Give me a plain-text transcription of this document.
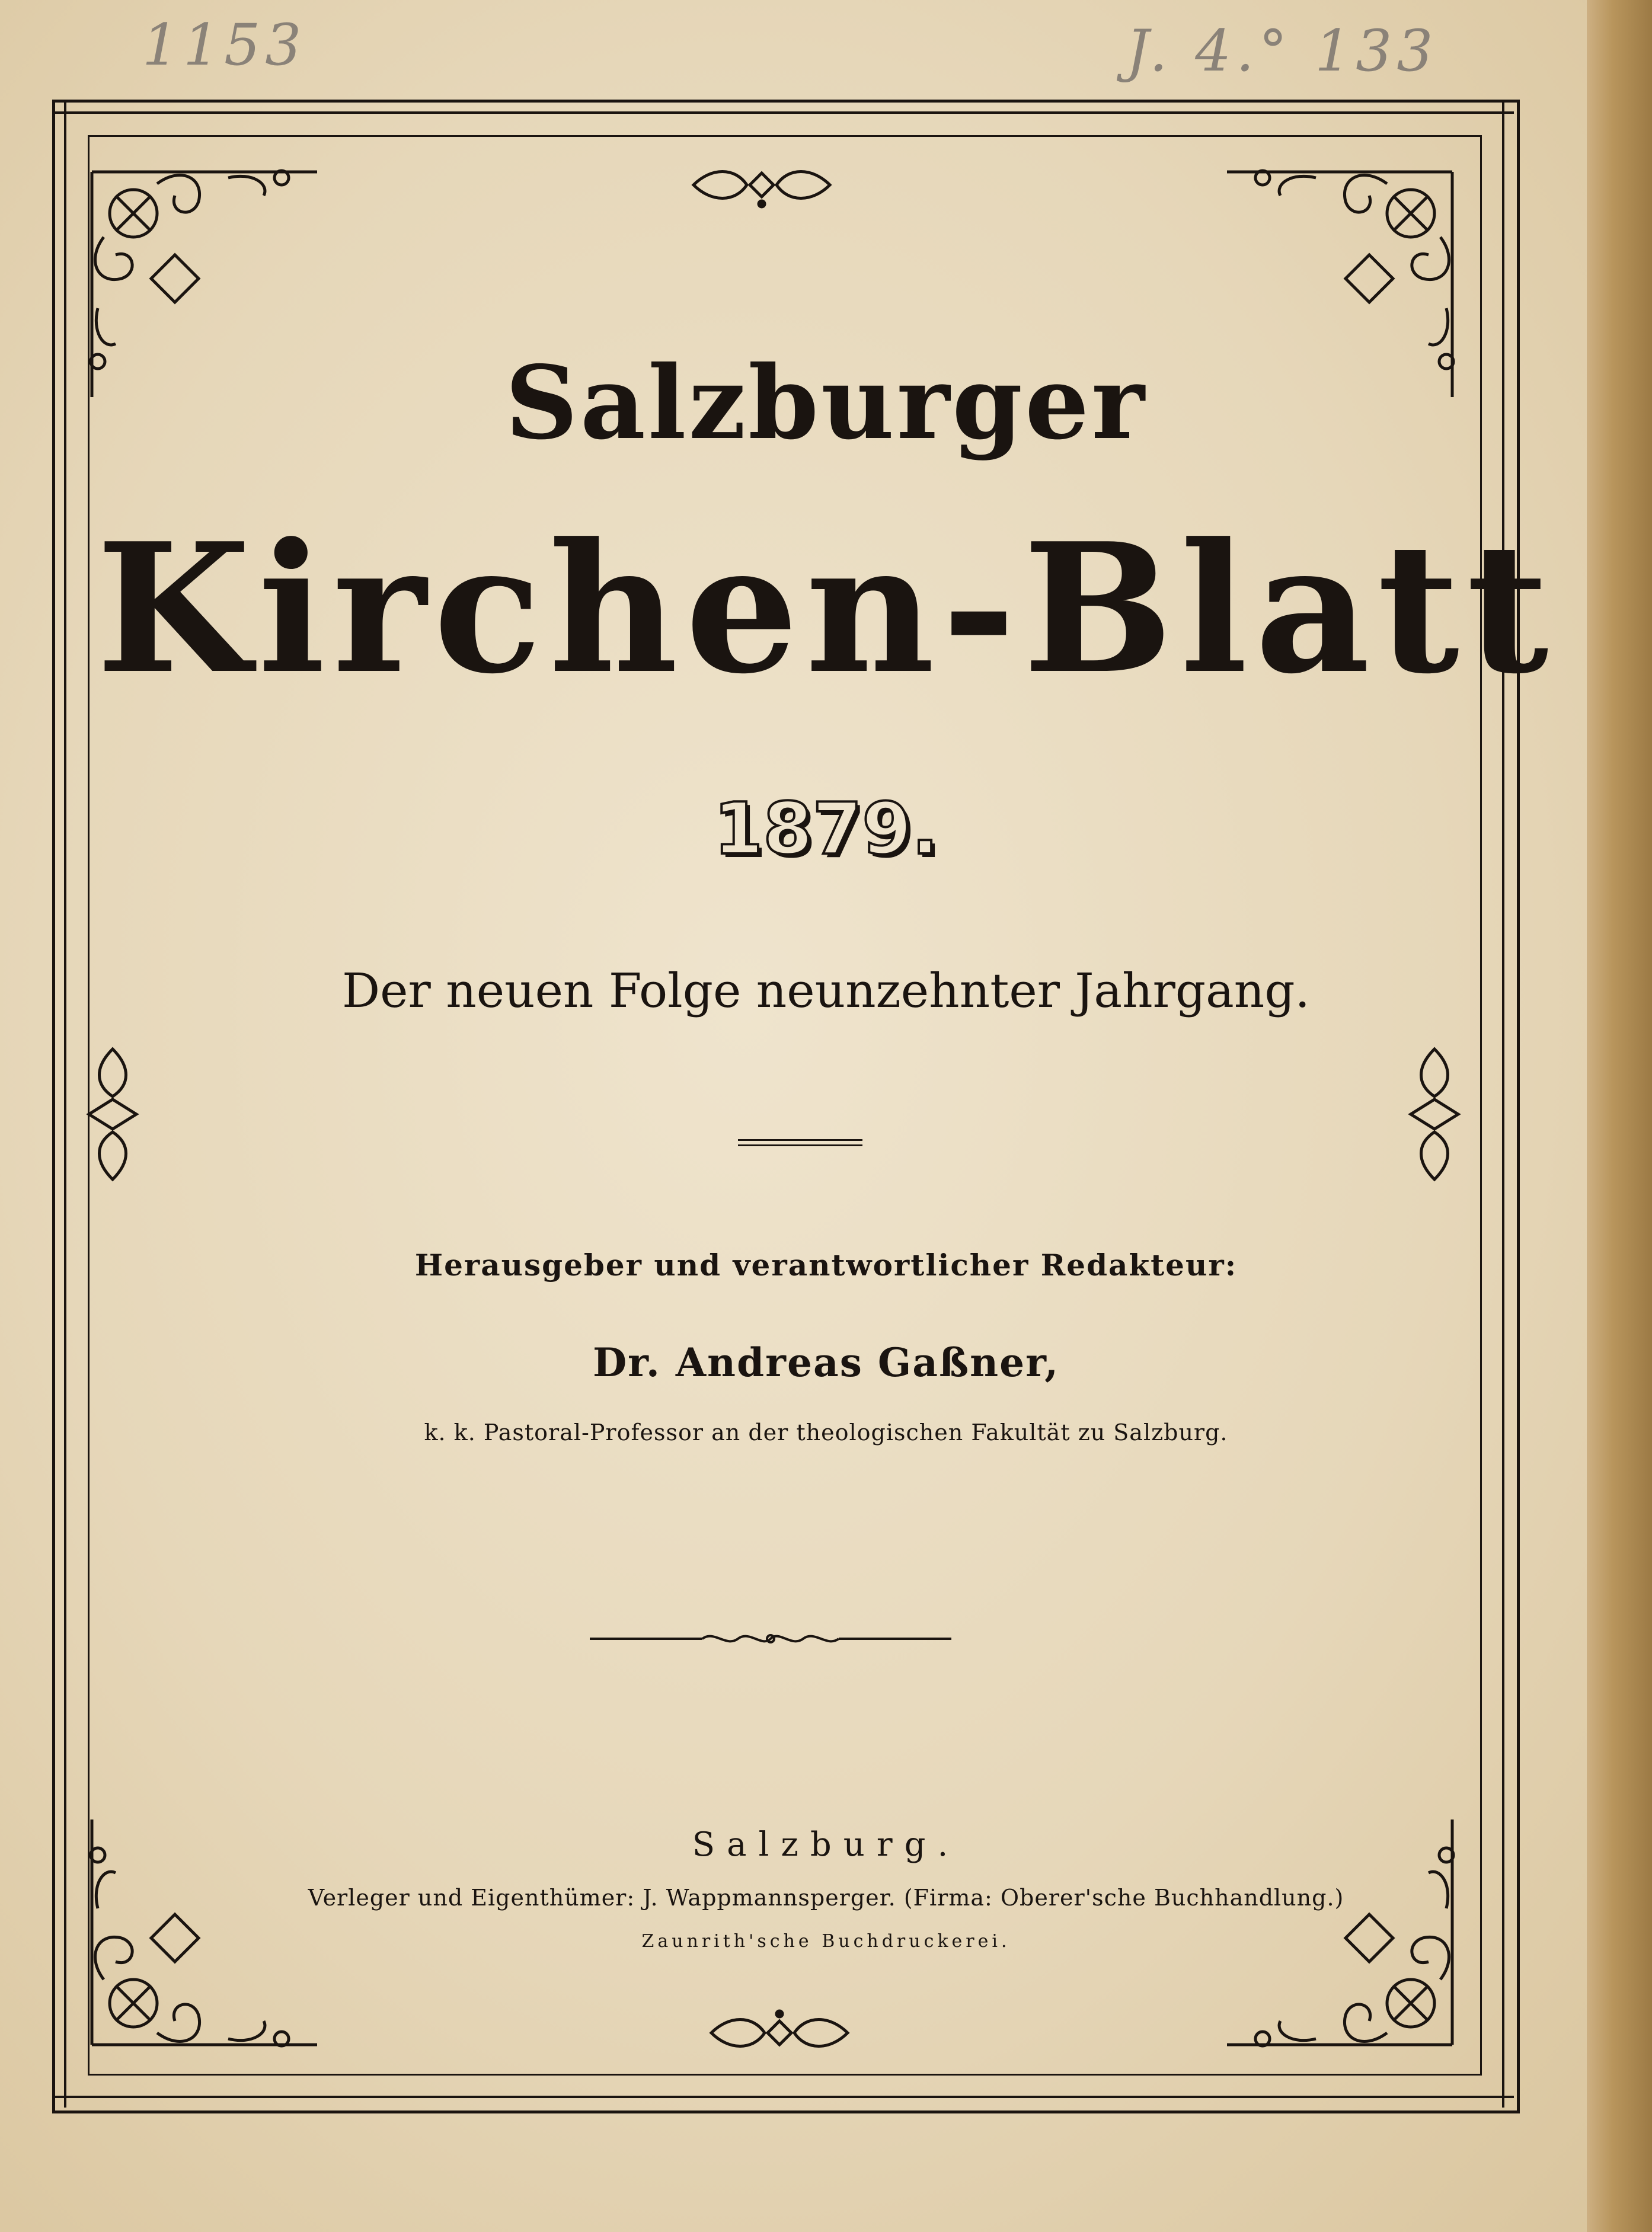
1153	J. 4.° 133
Salzburger
Kirchen-Blatt
1879.
Der neuen Folge neunzehnter Jahrgang.
Herausgeber und verantwortlicher Redakteur:
Dr. Andreas Gaßner,
k. k. Pastoral-Professor an der theologischen Fakultät zu Salzburg.
Salzburg.
Verleger und Eigenthümer: J. Wappmannsperger. (Firma: Oberer'sche Buchhandlung.)
Zaunrith'sche Buchdruckerei.
